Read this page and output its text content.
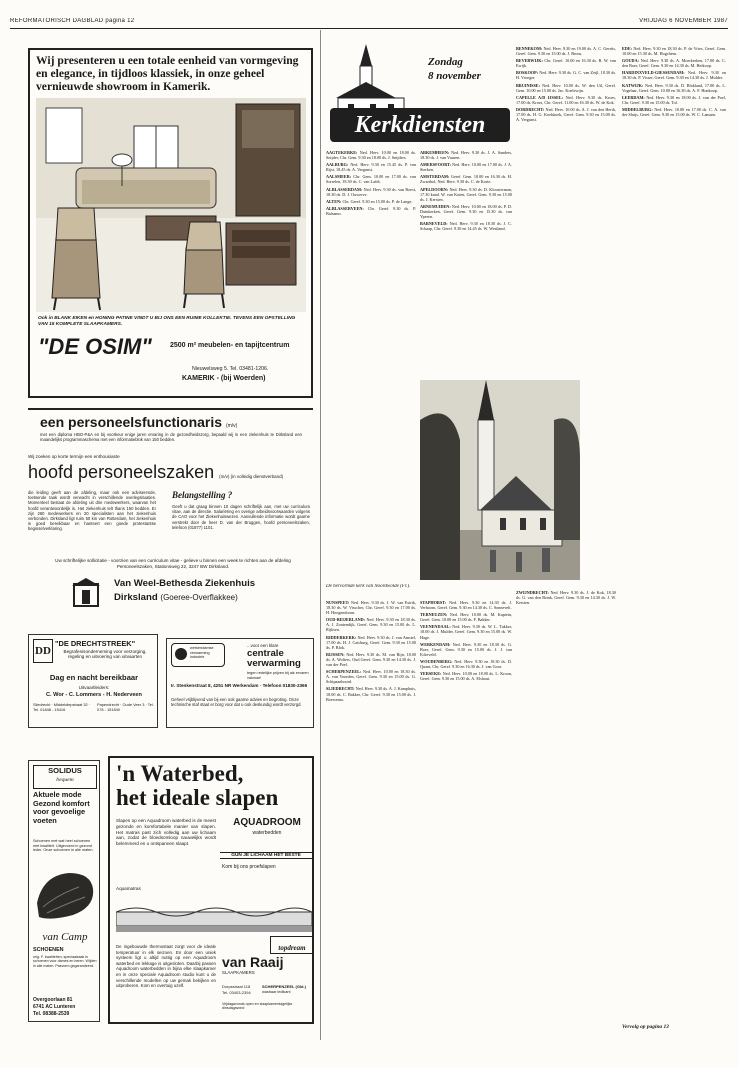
REFORMATORISCH DAGBLAD pagina 12	VRIJDAG 6 NOVEMBER 1987
Wij presenteren u een totale eenheid van vormgeving en elegance, in tijdloos klassiek, in onze geheel vernieuwde showroom in Kamerik.
Ook in BLANK EIKEN en HONING PATINE VINDT U BIJ ONS EEN RUIME KOLLEKTIE. TEVENS EEN OPSTELLING VAN 15 KOMPLETE SLAAPKAMERS.
"DE OSIM"	2500 m² meubelen- en tapijtcentrum
Nieuwelsweg 5. Tel. 03481-1206.
KAMERIK - (bij Woerden)
een personeelsfunctionaris (m/v)
met een diploma HBO-P&A en bij voorkeur enige jaren ervaring in de gezondheidszorg, bepaald wij in een ziekenhuis te Dirksland een maandelijks programmaschema met een informatieblok van 150 bedden.
Wij zoeken op korte termijn een enthousiaste
hoofd personeelszaken (m/v) (in volledig dienstverband)
die leiding geeft aan de afdeling, maar ook een adviserende, toetsende taak wordt verwacht in verschillende overlegsituaties. Momenteel bestaat de afdeling uit drie medewerkers, waarvan het hoofd verantwoordelijk is. Het ziekenhuis telt thans 150 bedden. Er zijn 260 medewerkers en 20 specialisten aan het ziekenhuis verbonden. Dirksland ligt ruim 50 km van Rotterdam, het ziekenhuis is goed bereikbaar en hanteert een goede protestantse beginselverklaring.
Belangstelling ?
Geeft u dat graag binnen 10 dagen schriftelijk aan, met uw curriculum vitae, aan de directie. Salariëring en overige arbeidsvoorwaarden volgens de CAO voor het Ziekenhuiswezen. Aanvullende informatie wordt gaarne verstrekt door de heer D. van der Bruggen, hoofd personeelszaken, telefoon (01877) 1101.
Uw schriftelijke sollicitatie - voorzien van een curriculum vitae - gelieve u binnen een week te richten aan de afdeling Personeelszaken, Stationsweg 22, 3247 BW Dirksland.
Van Weel-Bethesda Ziekenhuis
Dirksland (Goeree-Overflakkee)
DD
"DE DRECHTSTREEK"
Begrafenisonderneming voor verzorging, regeling en uitvoering van uitvaarten
Dag en nacht bereikbaar
Uitvaartleiders:
C. Wor - C. Lommers - H. Nederveen
Sliedrecht · Middeldiepstraat 32 · Tel. 01848 - 15416
Papendrecht · Oude Veer 3 · Tel. 078 - 151840
werkendamse verwarming industrie
...voor een klare
centrale verwarming
tegen redelijke prijzen bij als ervaren vakman!
Ir. Stenkenstraat 8, 4251 NR Werkendam · Telefoon 01830-2366
Geheel vrijblijvend van bij een ook gaarne advies en begroting. Onze technische staf staat er borg voor dat u ook deskundig wordt verzorgd.
SOLIDUS
bequem
Aktuele mode Gezond komfort voor gevoelige voeten
Schoenen met wat heel schoenen met kwaliteit. Uitgevoerd in gezond leder. Onze schoenen in alle maten.
van Camp
SCHOENEN
orig. F. kwaliteiten, speciaalzaak in schoenen voor dames en heren. Wijden in alle maten. Pasvorm gegarandeerd.
Overgoorlaan 81
6741 AC Lunteren
Tel. 08388-2539
'n Waterbed,
het ideale slapen
Slapen op een Aquadroom waterbed is de meest gezonde en komfortabele manier van slapen. Het matras past zich volledig aan uw lichaam aan, zodat de bloedsomloop nauwelijks wordt belemmerd en u ontspannen slaapt.
AQUADROOM
waterbedden
GUN JE LICHAAM HET BESTE
Kom bij ons proefslapen
Aquamatras
De ingebouwde thermostaat zorgt voor de ideale temperatuur in elk seizoen. En door een uniek systeem ligt u altijd nuttig op een Aquadroom waterbed en lekkage is uitgesloten. Daarbij passen Aquadroom waterbedden in bijna elke slaapkamer en in onze speciale Aquadroom studio kunt u de verschillende modellen op uw gemak bekijken en uitproberen. Kom en overtuig uzelf.
van Raaij
SLAAPKAMERS
topdream
Dorpsstraat 118
Tel. 03403-2394
SCHERPENZEEL (Gld.)
wasbaar ledikant
Vrijdagavonds open en slaapkamerdagelijks dinsdagavond
Zondag
8 november
Kerkdiensten
De hervormde kerk van Noordwolde (Fr.).
AAGTEKERKE: Ned. Herv. 10.00 en 18.00 ds. Snijder, Chr. Gem. 9.30 en 18.00 ds. J. Snijders.
AALBURG: Ned. Herv. 9.30 en 15.45 ds. P. van Rijst, 18.45 ds. A. Vergunst.
AALSMEER: Chr. Gem. 10.00 en 17.00 ds. van Sorrelen, 18.30 ds. C. van Lafdt.
ALBLASSERDAM: Ned. Herv. 9.30 ds. van Roest, 18.30 ds. D. J. Ouwerve.
ALTEN: Chr. Geref. 9.30 en 15.00 ds. P. de Lange.
ALBLASSERVEEN: Chr. Geref. 9.30 ds. P. Balsamo.
ARKEMHEEN: Ned. Herv. 9.30 ds. J. A. Sanders, 18.30 ds. J. van Vuuren.
AMERSFOORT: Ned. Herv. 10.00 en 17.00 ds. J. A. Sterken.
AMSTERDAM: Geref. Gem. 10.00 en 16.30 ds. H. Zwartbol, Ned. Herv. 9.30 ds. C. de Korte.
APELDOORN: Ned. Herv. 9.30 ds. D. Kloosterman, 17.30 kand. W. van Koten, Geref. Gem. 9.30 en 15.00 ds. J. Kersten.
ARNEMUIDEN: Ned. Herv. 10.00 en 18.00 ds. P. D. Duinkerken, Geref. Gem. 9.30 en 15.30 ds. van Yperen.
BARNEVELD: Ned. Herv. 9.30 en 18.30 ds. J. C. Schaap, Chr. Geref. 9.30 en 14.45 ds. W. Westland.
BENNEKOM: Ned. Herv. 9.30 en 19.00 ds. A. C. Gerrits, Geref. Gem. 9.30 en 15.00 ds. J. Brons.
BEVERWIJK: Chr. Geref. 10.00 en 16.30 ds. R. W. van Ewijk.
BOSKOOP: Ned. Herv. 9.30 ds. G. C. van Zeijl, 18.30 ds. H. Vroeger.
BRUINISSE: Ned. Herv. 10.00 ds. W. den Uil, Geref. Gem. 10.00 en 15.00 ds. Jac. Koelewijn.
CAPELLE A/D IJSSEL: Ned. Herv. 9.30 ds. Kroes, 17.00 ds. Kroes, Chr. Geref. 11.00 en 16.30 ds. W. de Kok.
DORDRECHT: Ned. Herv. 10.00 ds. A. J. van den Herik, 17.00 ds. H. G. Koekkoek, Geref. Gem. 9.30 en 15.00 ds. A. Vergunst.
EDE: Ned. Herv. 9.30 en 18.30 ds. P. de Vries, Geref. Gem. 10.00 en 15.30 ds. M. Hogchem.
GOUDA: Ned. Herv. 9.30 ds. A. Moerkerken, 17.00 ds. C. den Boer, Geref. Gem. 9.30 en 14.30 ds. M. Heikoop.
HARDINXVELD-GIESSENDAM: Ned. Herv. 9.30 en 18.30 ds. P. Visser, Geref. Gem. 9.30 en 14.30 ds. J. Mulder.
KATWIJK: Ned. Herv. 9.30 ds. D. Blokland, 17.00 ds. L. Vogelaar, Geref. Gem. 10.00 en 16.30 ds. A. F. Honkoop.
LEERDAM: Ned. Herv. 9.30 en 18.00 ds. J. van der Poel, Chr. Geref. 9.30 en 15.00 ds. Tol.
MIDDELBURG: Ned. Herv. 10.00 en 17.00 ds. C. A. van der Sluijs, Geref. Gem. 9.30 en 15.00 ds. W. C. Lamain.
NUNSPEET: Ned. Herv. 9.30 ds. J. W. van Estrik, 18.30 ds. W. Visscher, Chr. Geref. 9.30 en 17.00 ds. H. Hoogendoorn.
OUD-BEIJERLAND: Ned. Herv. 9.30 en 18.30 ds. A. J. Zoutendijk, Geref. Gem. 9.30 en 15.00 ds. L. Rijksen.
RIDDERKERK: Ned. Herv. 9.30 ds. J. van Amstel, 17.00 ds. H. J. Catsburg, Geref. Gem. 9.30 en 15.00 ds. P. Blok.
RIJSSEN: Ned. Herv. 9.30 ds. M. van Rijn, 18.00 ds. A. Wolters, Oud Geref. Gem. 9.30 en 14.30 ds. J. van der Poel.
SCHERPENZEEL: Ned. Herv. 10.00 en 18.30 ds. A. van Voorden, Geref. Gem. 9.30 en 15.00 ds. G. Schipaanboord.
SLIEDRECHT: Ned. Herv. 9.30 ds. A. J. Kamphuis, 18.00 ds. C. Bakker, Chr. Geref. 9.30 en 15.00 ds. J. Boersema.
STAPHORST: Ned. Herv. 9.30 en 14.30 ds. J. Verboom, Geref. Gem. 9.30 en 14.30 ds. C. Sonnevelt.
TERNEUZEN: Ned. Herv. 10.00 ds. M. Kaptein, Geref. Gem. 10.00 en 15.00 ds. F. Bakker.
VEENENDAAL: Ned. Herv. 9.30 ds. W. L. Tukker, 18.00 ds. J. Mulder, Geref. Gem. 9.30 en 15.00 ds. W. Hage.
WERKENDAM: Ned. Herv. 9.30 en 18.30 ds. G. Boer, Geref. Gem. 9.30 en 15.00 ds. J. J. van Eckeveld.
WOUDENBERG: Ned. Herv. 9.30 en 18.30 ds. D. Quant, Chr. Geref. 9.30 en 16.30 ds. J. van Goor.
YERSEKE: Ned. Herv. 10.00 en 18.00 ds. L. Kroon, Geref. Gem. 9.30 en 15.00 ds. A. Elshout.
ZWIJNDRECHT: Ned. Herv. 9.30 ds. J. de Kok, 18.30 ds. G. van den Brink, Geref. Gem. 9.30 en 14.30 ds. J. W. Kersten.
Vervolg op pagina 13
